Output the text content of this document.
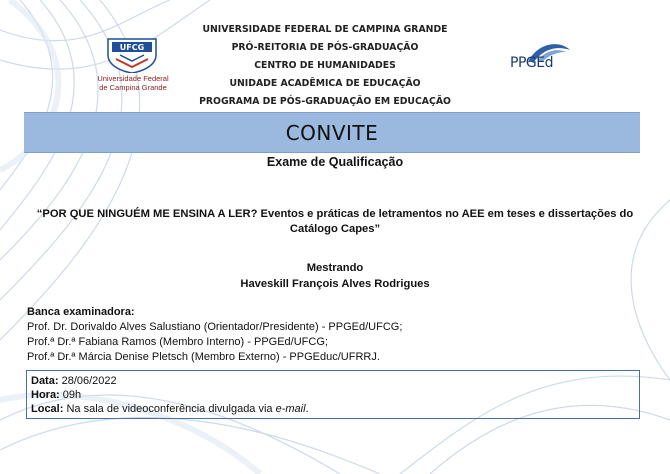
UNIVERSIDADE FEDERAL DE CAMPINA GRANDE
PRÓ-REITORIA DE PÓS-GRADUAÇÃO
CENTRO DE HUMANIDADES
UNIDADE ACADÊMICA DE EDUCAÇÃO
PROGRAMA DE PÓS-GRADUAÇÃO EM EDUCAÇÃO
UFCG
Universidade Federal
de Campina Grande
PPGEd
CONVITE
Exame de Qualificação
“POR QUE NINGUÉM ME ENSINA A LER? Eventos e práticas de letramentos no AEE em teses e dissertações do Catálogo Capes”
Mestrando
Haveskill François Alves Rodrigues
Banca examinadora:
Prof. Dr. Dorivaldo Alves Salustiano (Orientador/Presidente) - PPGEd/UFCG;
Prof.ª Dr.ª Fabiana Ramos (Membro Interno) - PPGEd/UFCG;
Prof.ª Dr.ª Márcia Denise Pletsch (Membro Externo) - PPGEduc/UFRRJ.
Data: 28/06/2022
Hora: 09h
Local: Na sala de videoconferência divulgada via e-mail.
